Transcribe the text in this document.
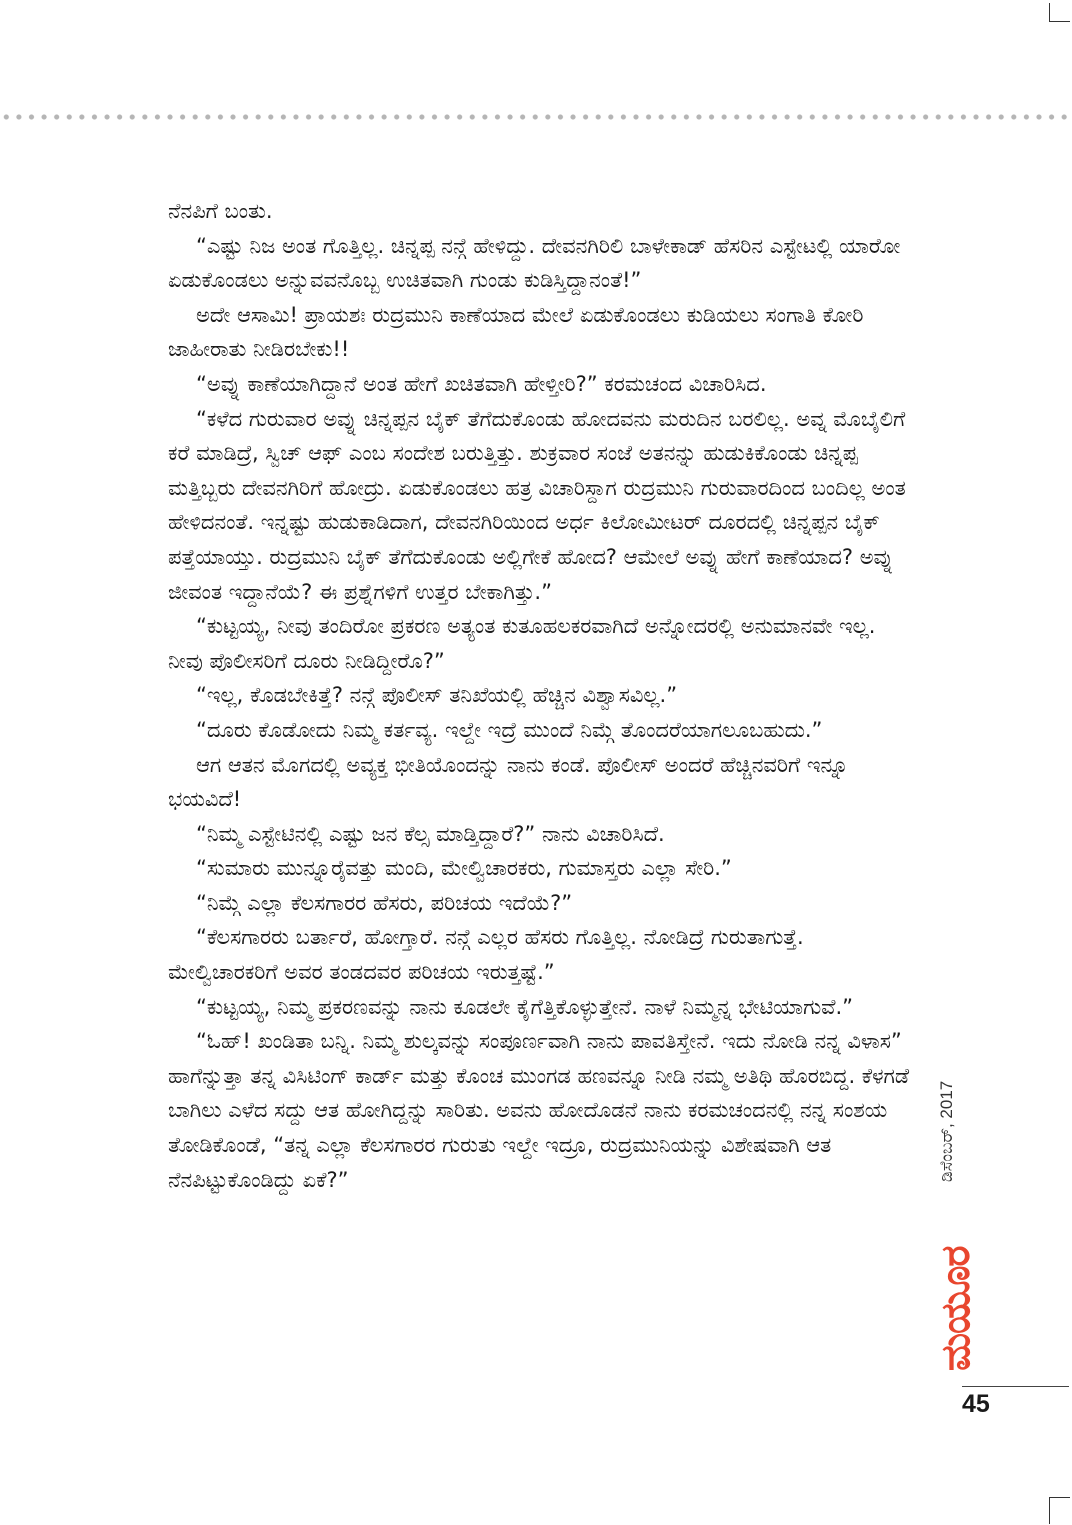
ನೆನಪಿಗೆ ಬಂತು.

“ಎಷ್ಟು ನಿಜ ಅಂತ ಗೊತ್ತಿಲ್ಲ. ಚಿನ್ನಪ್ಪ ನನ್ಗೆ ಹೇಳಿದ್ದು. ದೇವನಗಿರಿಲಿ ಬಾಳೇಕಾಡ್ ಹೆಸರಿನ ಎಸ್ಟೇಟಲ್ಲಿ ಯಾರೋ ಏಡುಕೊಂಡಲು ಅನ್ನುವವನೊಬ್ಬ ಉಚಿತವಾಗಿ ಗುಂಡು ಕುಡಿಸ್ತಿದ್ದಾನಂತೆ!”

ಅದೇ ಆಸಾಮಿ! ಪ್ರಾಯಶಃ ರುದ್ರಮುನಿ ಕಾಣೆಯಾದ ಮೇಲೆ ಏಡುಕೊಂಡಲು ಕುಡಿಯಲು ಸಂಗಾತಿ ಕೋರಿ ಜಾಹೀರಾತು ನೀಡಿರಬೇಕು!!

“ಅವ್ನು ಕಾಣೆಯಾಗಿದ್ದಾನೆ ಅಂತ ಹೇಗೆ ಖಚಿತವಾಗಿ ಹೇಳ್ತೀರಿ?” ಕರಮಚಂದ ವಿಚಾರಿಸಿದ.

“ಕಳೆದ ಗುರುವಾರ ಅವ್ನು ಚಿನ್ನಪ್ಪನ ಬೈಕ್ ತೆಗೆದುಕೊಂಡು ಹೋದವನು ಮರುದಿನ ಬರಲಿಲ್ಲ. ಅವ್ನ ಮೊಬೈಲಿಗೆ ಕರೆ ಮಾಡಿದ್ರೆ, ಸ್ವಿಚ್ ಆಫ್ ಎಂಬ ಸಂದೇಶ ಬರುತ್ತಿತ್ತು. ಶುಕ್ರವಾರ ಸಂಜೆ ಅತನನ್ನು ಹುಡುಕಿಕೊಂಡು ಚಿನ್ನಪ್ಪ ಮತ್ತಿಬ್ಬರು ದೇವನಗಿರಿಗೆ ಹೋದ್ರು. ಏಡುಕೊಂಡಲು ಹತ್ರ ವಿಚಾರಿಸ್ದಾಗ ರುದ್ರಮುನಿ ಗುರುವಾರದಿಂದ ಬಂದಿಲ್ಲ ಅಂತ ಹೇಳಿದನಂತೆ. ಇನ್ನಷ್ಟು ಹುಡುಕಾಡಿದಾಗ, ದೇವನಗಿರಿಯಿಂದ ಅರ್ಧ ಕಿಲೋಮೀಟರ್ ದೂರದಲ್ಲಿ ಚಿನ್ನಪ್ಪನ ಬೈಕ್ ಪತ್ತೆಯಾಯ್ತು. ರುದ್ರಮುನಿ ಬೈಕ್ ತೆಗೆದುಕೊಂಡು ಅಲ್ಲಿಗೇಕೆ ಹೋದ? ಆಮೇಲೆ ಅವ್ನು ಹೇಗೆ ಕಾಣೆಯಾದ? ಅವ್ನು ಜೀವಂತ ಇದ್ದಾನೆಯೆ? ಈ ಪ್ರಶ್ನೆಗಳಿಗೆ ಉತ್ತರ ಬೇಕಾಗಿತ್ತು.”

“ಕುಟ್ಟಯ್ಯ, ನೀವು ತಂದಿರೋ ಪ್ರಕರಣ ಅತ್ಯಂತ ಕುತೂಹಲಕರವಾಗಿದೆ ಅನ್ನೋದರಲ್ಲಿ ಅನುಮಾನವೇ ಇಲ್ಲ. ನೀವು ಪೊಲೀಸರಿಗೆ ದೂರು ನೀಡಿದ್ದೀರೊ?”

“ಇಲ್ಲ, ಕೊಡಬೇಕಿತ್ತೆ? ನನ್ಗೆ ಪೊಲೀಸ್ ತನಿಖೆಯಲ್ಲಿ ಹೆಚ್ಚಿನ ವಿಶ್ವಾಸವಿಲ್ಲ.”

“ದೂರು ಕೊಡೋದು ನಿಮ್ಮ ಕರ್ತವ್ಯ. ಇಲ್ದೇ ಇದ್ರೆ ಮುಂದೆ ನಿಮ್ಗೆ ತೊಂದರೆಯಾಗಲೂಬಹುದು.”

ಆಗ ಆತನ ಮೊಗದಲ್ಲಿ ಅವ್ಯಕ್ತ ಭೀತಿಯೊಂದನ್ನು ನಾನು ಕಂಡೆ. ಪೊಲೀಸ್ ಅಂದರೆ ಹೆಚ್ಚಿನವರಿಗೆ ಇನ್ನೂ ಭಯವಿದೆ!

“ನಿಮ್ಮ ಎಸ್ಟೇಟಿನಲ್ಲಿ ಎಷ್ಟು ಜನ ಕೆಲ್ಸ ಮಾಡ್ತಿದ್ದಾರೆ?” ನಾನು ವಿಚಾರಿಸಿದೆ.

“ಸುಮಾರು ಮುನ್ನೂರೈವತ್ತು ಮಂದಿ, ಮೇಲ್ವಿಚಾರಕರು, ಗುಮಾಸ್ತರು ಎಲ್ಲಾ ಸೇರಿ.”

“ನಿಮ್ಗೆ ಎಲ್ಲಾ ಕೆಲಸಗಾರರ ಹೆಸರು, ಪರಿಚಯ ಇದೆಯೆ?”

“ಕೆಲಸಗಾರರು ಬರ್ತಾರೆ, ಹೋಗ್ತಾರೆ. ನನ್ಗೆ ಎಲ್ಲರ ಹೆಸರು ಗೊತ್ತಿಲ್ಲ. ನೋಡಿದ್ರೆ ಗುರುತಾಗುತ್ತೆ. ಮೇಲ್ವಿಚಾರಕರಿಗೆ ಅವರ ತಂಡದವರ ಪರಿಚಯ ಇರುತ್ತಷ್ಟೆ.”

“ಕುಟ್ಟಯ್ಯ, ನಿಮ್ಮ ಪ್ರಕರಣವನ್ನು ನಾನು ಕೂಡಲೇ ಕೈಗೆತ್ತಿಕೊಳ್ಳುತ್ತೇನೆ. ನಾಳೆ ನಿಮ್ಮನ್ನ ಭೇಟಿಯಾಗುವೆ.”

“ಓಹ್! ಖಂಡಿತಾ ಬನ್ನಿ. ನಿಮ್ಮ ಶುಲ್ಕವನ್ನು ಸಂಪೂರ್ಣವಾಗಿ ನಾನು ಪಾವತಿಸ್ತೇನೆ. ಇದು ನೋಡಿ ನನ್ನ ವಿಳಾಸ” ಹಾಗೆನ್ನುತ್ತಾ ತನ್ನ ವಿಸಿಟಿಂಗ್ ಕಾರ್ಡ್ ಮತ್ತು ಕೊಂಚ ಮುಂಗಡ ಹಣವನ್ನೂ ನೀಡಿ ನಮ್ಮ ಅತಿಥಿ ಹೊರಬಿದ್ದ. ಕೆಳಗಡೆ ಬಾಗಿಲು ಎಳೆದ ಸದ್ದು ಆತ ಹೋಗಿದ್ದನ್ನು ಸಾರಿತು. ಅವನು ಹೋದೊಡನೆ ನಾನು ಕರಮಚಂದನಲ್ಲಿ ನನ್ನ ಸಂಶಯ ತೋಡಿಕೊಂಡೆ, “ತನ್ನ ಎಲ್ಲಾ ಕೆಲಸಗಾರರ ಗುರುತು ಇಲ್ದೇ ಇದ್ರೂ, ರುದ್ರಮುನಿಯನ್ನು ವಿಶೇಷವಾಗಿ ಆತ ನೆನಪಿಟ್ಟುಕೊಂಡಿದ್ದು ಏಕೆ?”	ಡಿಸೆಂಬರ್, 2017
ಮಯೂರ
45
